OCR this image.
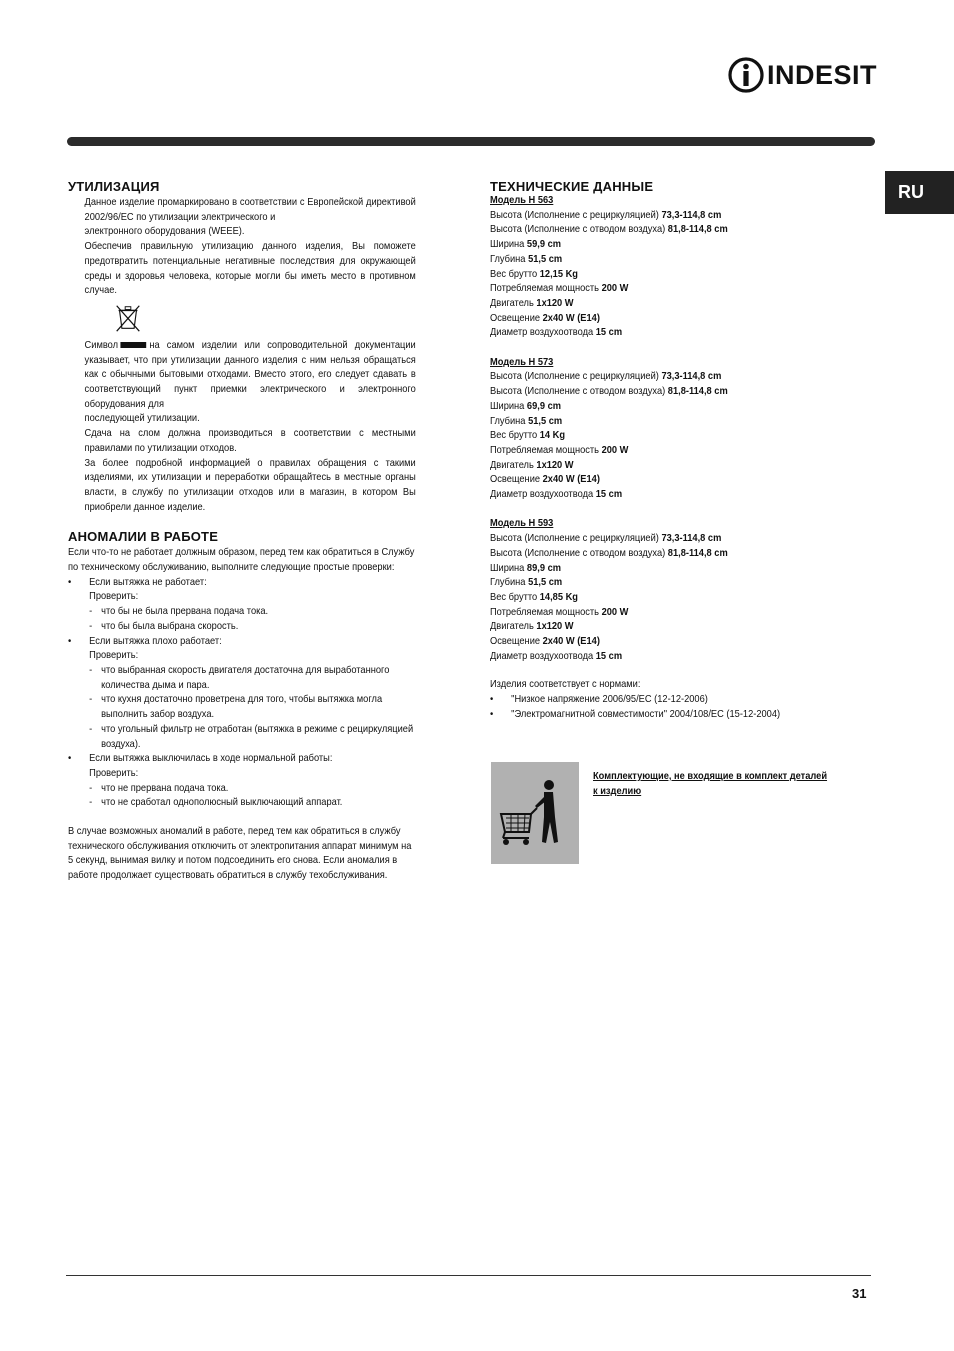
INDESIT
RU
УТИЛИЗАЦИЯ

Данное изделие промаркировано в соответствии с Европейской директивой 2002/96/ЕС по утилизации электрического и

электронного оборудования (WEEE).

Обеспечив правильную утилизацию данного изделия, Вы поможете предотвратить потенциальные негативные последствия для окружающей среды и здоровья человека, которые могли бы иметь место в противном случае.

Символ	на самом изделии или сопроводительной документации указывает, что при утилизации данного изделия с ним нельзя обращаться как с обычными бытовыми отходами. Вместо этого, его следует сдавать в соответствующий пункт приемки электрического и электронного оборудования для

последующей утилизации.

Сдача на слом должна производиться в соответствии с местными правилами по утилизации отходов.

За более подробной информацией о правилах обращения с такими изделиями, их утилизации и переработки обращайтесь в местные органы власти, в службу по утилизации отходов или в магазин, в котором Вы приобрели данное изделие.

АНОМАЛИИ В РАБОТЕ
Если что-то не работает должным образом, перед тем как обратиться в Службу по техническому обслуживанию, выполните следующие простые проверки:
•	Если вытяжка не работает:
Проверить:
- что бы не была прервана подача тока.
- что бы была выбрана скорость.
•	Если вытяжка плохо работает:
Проверить:
- что выбранная скорость двигателя достаточна для выработанного количества дыма и пара.
- что кухня достаточно проветрена для того, чтобы вытяжка могла выполнить забор воздуха.
- что угольный фильтр не отработан (вытяжка в режиме с рециркуляцией воздуха).
•	Если вытяжка выключилась в ходе нормальной работы:
Проверить:
- что не прервана подача тока.
- что не сработал однополюсный выключающий аппарат.
В случае возможных аномалий в работе, перед тем как обратиться в службу технического обслуживания отключить от электропитания аппарат минимум на 5 секунд, вынимая вилку и потом подсоединить его снова. Если аномалия в работе продолжает существовать обратиться в службу техобслуживания.
ТЕХНИЧЕСКИЕ ДАННЫЕ
Модель H 563
Высота (Исполнение с рециркуляцией) 73,3-114,8 cm
Высота (Исполнение с отводом воздуха) 81,8-114,8 cm
Ширина 59,9 cm
Глубина 51,5 cm
Вес брутто 12,15 Kg
Потребляемая мощность 200 W
Двигатель 1x120 W
Освещение 2x40 W (E14)
Диаметр воздухоотвода 15 cm
Модель H 573
Высота (Исполнение с рециркуляцией) 73,3-114,8 cm
Высота (Исполнение с отводом воздуха) 81,8-114,8 cm
Ширина 69,9 cm
Глубина 51,5 cm
Вес брутто 14 Kg
Потребляемая мощность 200 W
Двигатель 1x120 W
Освещение 2x40 W (E14)
Диаметр воздухоотвода 15 cm
Модель H 593
Высота (Исполнение с рециркуляцией) 73,3-114,8 cm
Высота (Исполнение с отводом воздуха) 81,8-114,8 cm
Ширина 89,9 cm
Глубина 51,5 cm
Вес брутто 14,85 Kg
Потребляемая мощность 200 W
Двигатель 1x120 W
Освещение 2x40 W (E14)
Диаметр воздухоотвода 15 cm
Изделия соответствует с нормами:
•	"Низкое напряжение 2006/95/EC (12-12-2006)
•	"Электромагнитной совместимости" 2004/108/EC (15-12-2004)
Комплектующие, не входящие в комплект деталей к изделию
31
